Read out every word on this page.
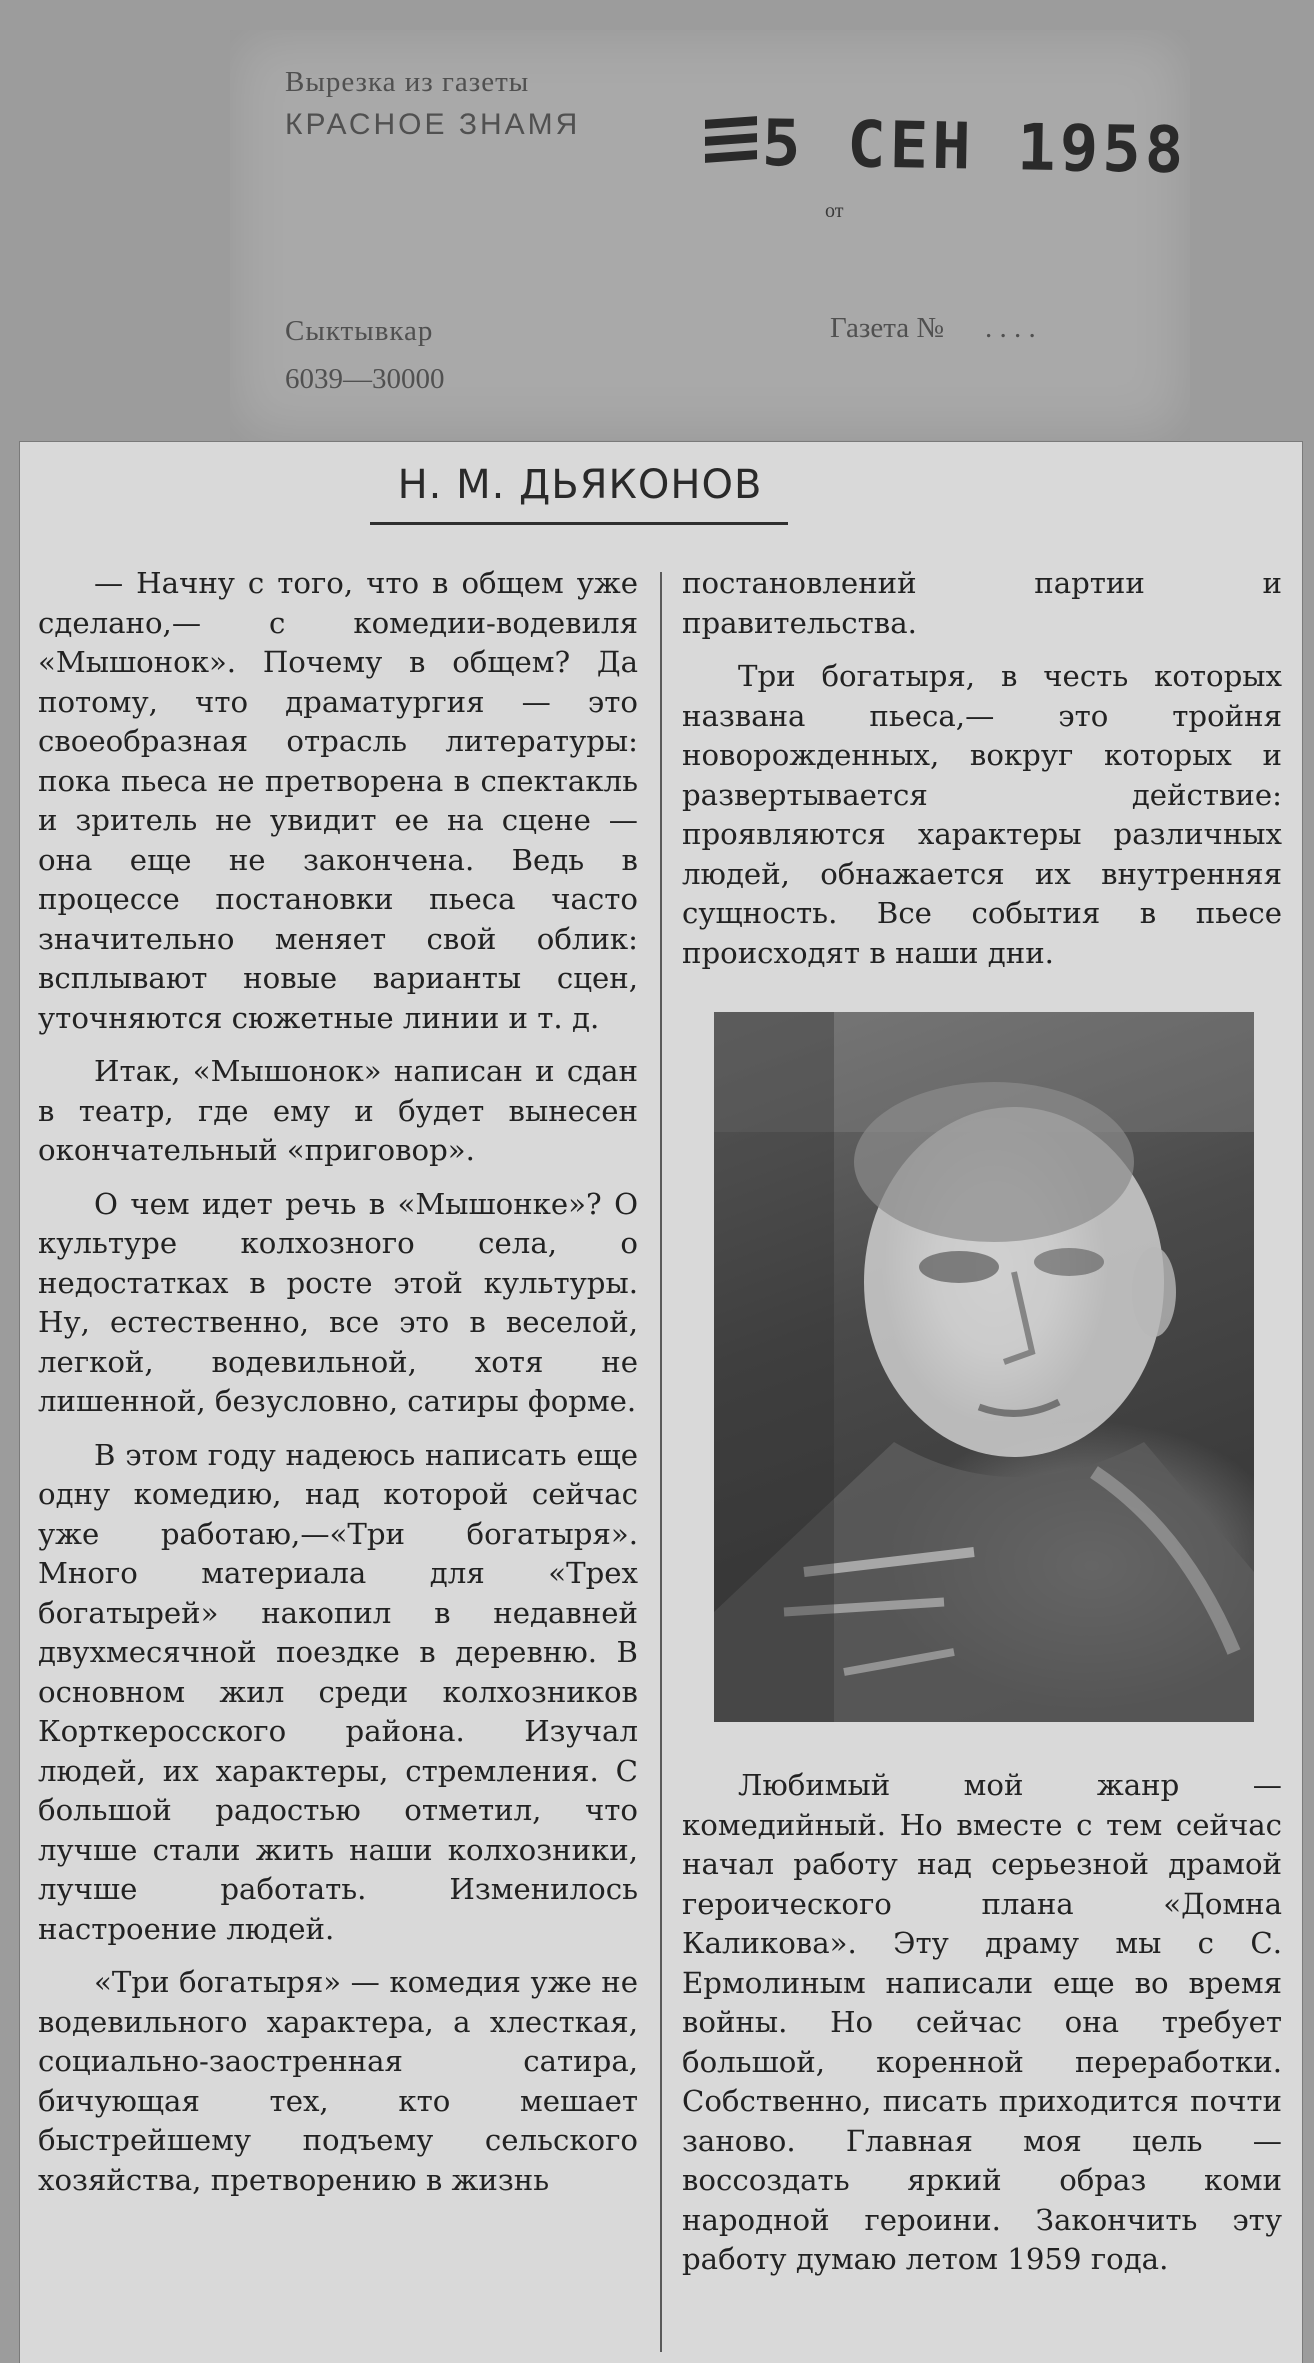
Вырезка из газеты
КРАСНОЕ ЗНАМЯ
Сыктывкар
6039—30000
Газета № . . . .
от
5 СЕН 1958
Н. М. ДЬЯКОНОВ

— Начну с того, что в общем уже сделано,— с комедии-водевиля «Мышонок». Почему в общем? Да потому, что драматургия — это своеобразная отрасль литературы: пока пьеса не претворена в спектакль и зритель не увидит ее на сцене — она еще не закончена. Ведь в процессе постановки пьеса часто значительно меняет свой облик: всплывают новые варианты сцен, уточняются сюжетные линии и т. д.

Итак, «Мышонок» написан и сдан в театр, где ему и будет вынесен окончательный «приговор».

О чем идет речь в «Мышонке»? О культуре колхозного села, о недостатках в росте этой культуры. Ну, естественно, все это в веселой, легкой, водевильной, хотя не лишенной, безусловно, сатиры форме.

В этом году надеюсь написать еще одну комедию, над которой сейчас уже работаю,—«Три богатыря». Много материала для «Трех богатырей» накопил в недавней двухмесячной поездке в деревню. В основном жил среди колхозников Корткеросского района. Изучал людей, их характеры, стремления. С большой радостью отметил, что лучше стали жить наши колхозники, лучше работать. Изменилось настроение людей.

«Три богатыря» — комедия уже не водевильного характера, а хлесткая, социально-заостренная сатира, бичующая тех, кто мешает быстрейшему подъему сельского хозяйства, претворению в жизнь

постановлений партии и правительства.

Три богатыря, в честь которых названа пьеса,— это тройня новорожденных, вокруг которых и развертывается действие: проявляются характеры различных людей, обнажается их внутренняя сущность. Все события в пьесе происходят в наши дни.

Любимый мой жанр — комедийный. Но вместе с тем сейчас начал работу над серьезной драмой героического плана «Домна Каликова». Эту драму мы с С. Ермолиным написали еще во время войны. Но сейчас она требует большой, коренной переработки. Собственно, писать приходится почти заново. Главная моя цель — воссоздать яркий образ коми народной героини. Закончить эту работу думаю летом 1959 года.
